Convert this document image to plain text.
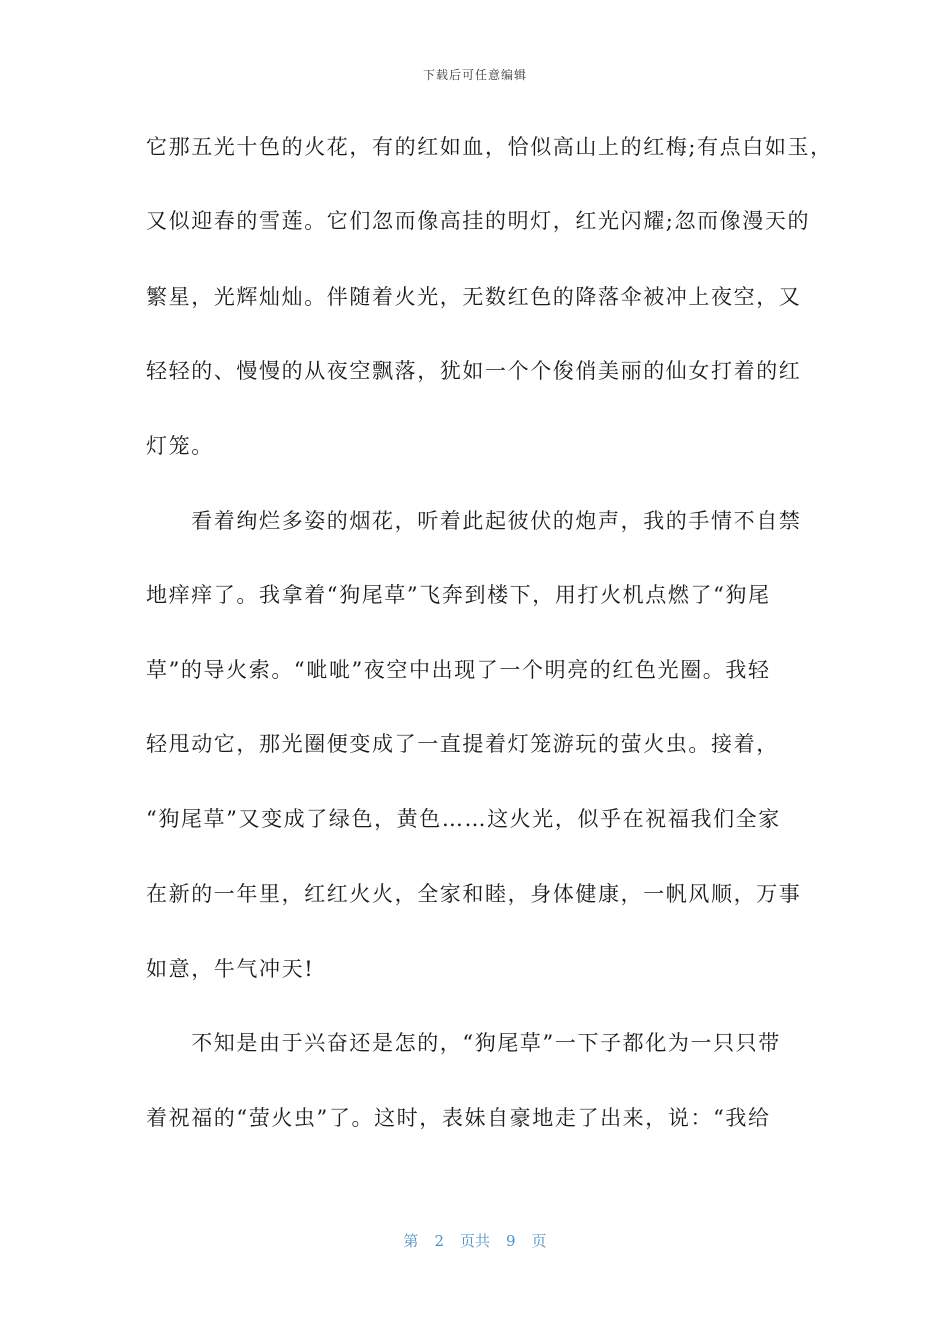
下载后可任意编辑
它那五光十色的火花，有的红如血，恰似高山上的红梅;有点白如玉，
又似迎春的雪莲。它们忽而像高挂的明灯，红光闪耀;忽而像漫天的
繁星，光辉灿灿。伴随着火光，无数红色的降落伞被冲上夜空，又
轻轻的、慢慢的从夜空飘落，犹如一个个俊俏美丽的仙女打着的红
灯笼。
　　看着绚烂多姿的烟花，听着此起彼伏的炮声，我的手情不自禁
地痒痒了。我拿着“狗尾草”飞奔到楼下，用打火机点燃了“狗尾
草”的导火索。“呲呲”夜空中出现了一个明亮的红色光圈。我轻
轻甩动它，那光圈便变成了一直提着灯笼游玩的萤火虫。接着，
“狗尾草”又变成了绿色，黄色……这火光，似乎在祝福我们全家
在新的一年里，红红火火，全家和睦，身体健康，一帆风顺，万事
如意，牛气冲天!
　　不知是由于兴奋还是怎的，“狗尾草”一下子都化为一只只带
着祝福的“萤火虫”了。这时，表妹自豪地走了出来，说：“我给
第 2 页共 9 页
